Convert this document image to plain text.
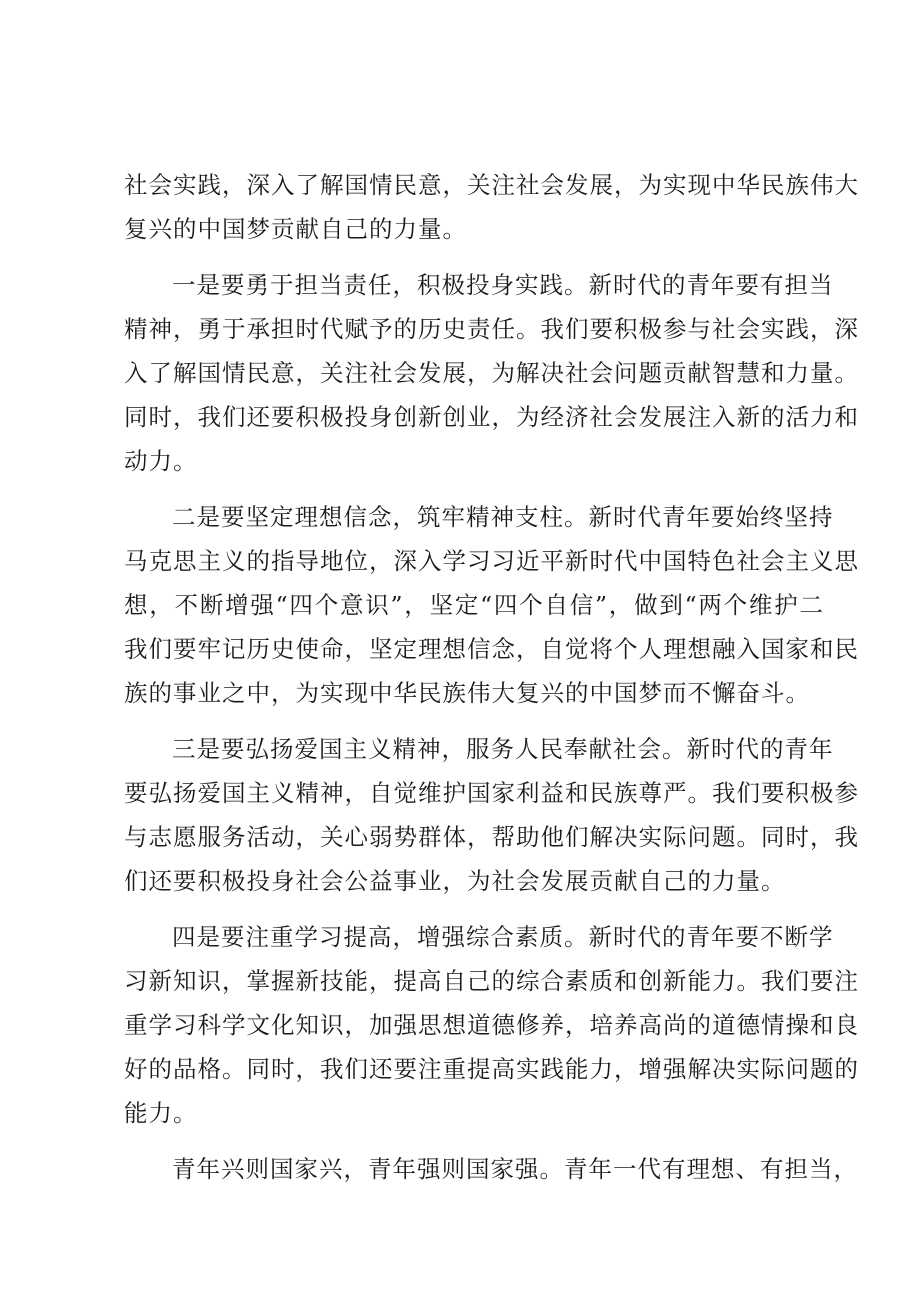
社会实践，深入了解国情民意，关注社会发展，为实现中华民族伟大
复兴的中国梦贡献自己的力量。
一是要勇于担当责任，积极投身实践。新时代的青年要有担当
精神，勇于承担时代赋予的历史责任。我们要积极参与社会实践，深
入了解国情民意，关注社会发展，为解决社会问题贡献智慧和力量。
同时，我们还要积极投身创新创业，为经济社会发展注入新的活力和
动力。
二是要坚定理想信念，筑牢精神支柱。新时代青年要始终坚持
马克思主义的指导地位，深入学习习近平新时代中国特色社会主义思
想，不断增强“四个意识”，坚定“四个自信”，做到“两个维护二
我们要牢记历史使命，坚定理想信念，自觉将个人理想融入国家和民
族的事业之中，为实现中华民族伟大复兴的中国梦而不懈奋斗。
三是要弘扬爱国主义精神，服务人民奉献社会。新时代的青年
要弘扬爱国主义精神，自觉维护国家利益和民族尊严。我们要积极参
与志愿服务活动，关心弱势群体，帮助他们解决实际问题。同时，我
们还要积极投身社会公益事业，为社会发展贡献自己的力量。
四是要注重学习提高，增强综合素质。新时代的青年要不断学
习新知识，掌握新技能，提高自己的综合素质和创新能力。我们要注
重学习科学文化知识，加强思想道德修养，培养高尚的道德情操和良
好的品格。同时，我们还要注重提高实践能力，增强解决实际问题的
能力。
青年兴则国家兴，青年强则国家强。青年一代有理想、有担当，
